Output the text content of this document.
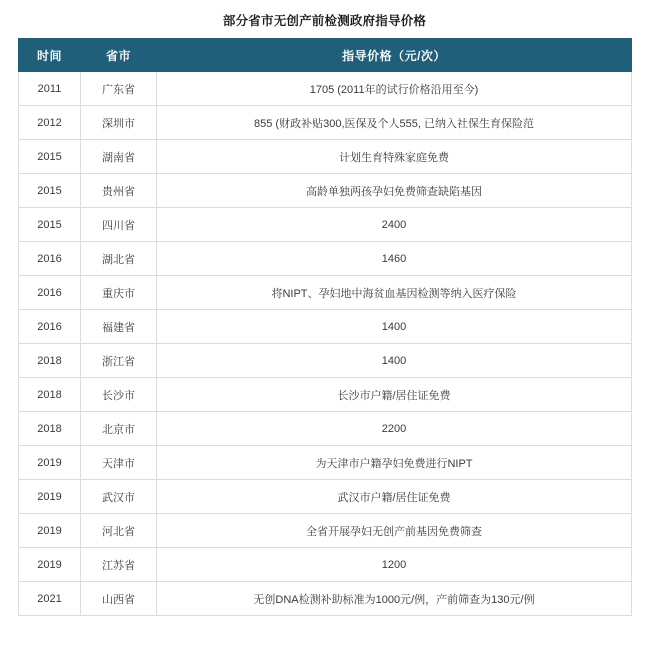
部分省市无创产前检测政府指导价格
时间	省市	指导价格（元/次）
2011	广东省	1705 (2011年的试行价格沿用至今)
2012	深圳市	855 (财政补贴300,医保及个人555, 已纳入社保生育保险范
2015	湖南省	计划生育特殊家庭免费
2015	贵州省	高龄单独两孩孕妇免费筛查缺陷基因
2015	四川省	2400
2016	湖北省	1460
2016	重庆市	将NIPT、孕妇地中海贫血基因检测等纳入医疗保险
2016	福建省	1400
2018	浙江省	1400
2018	长沙市	长沙市户籍/居住证免费
2018	北京市	2200
2019	天津市	为天津市户籍孕妇免费进行NIPT
2019	武汉市	武汉市户籍/居住证免费
2019	河北省	全省开展孕妇无创产前基因免费筛查
2019	江苏省	1200
2021	山西省	无创DNA检测补助标准为1000元/例，产前筛查为130元/例
